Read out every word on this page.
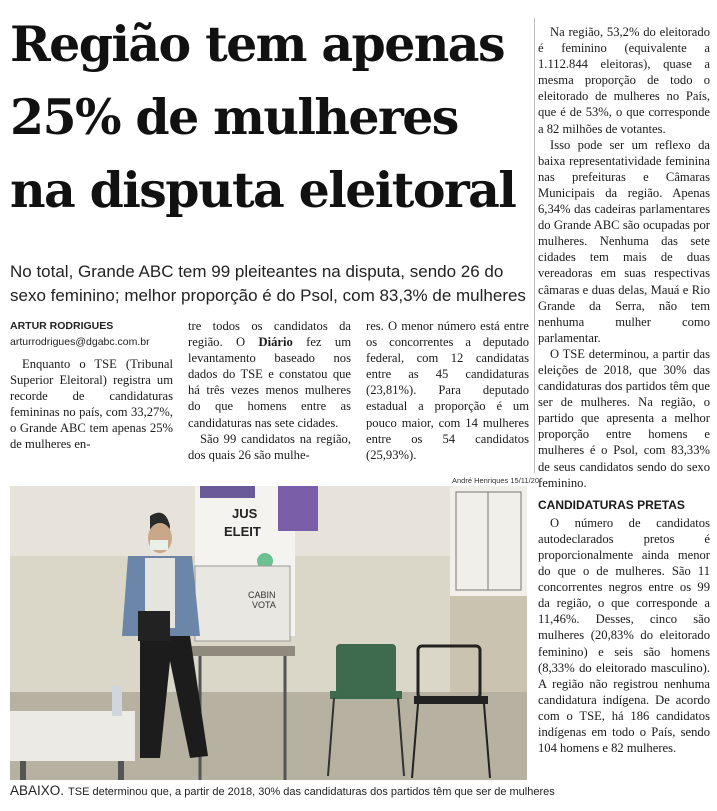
Região tem apenas
25% de mulheres
na disputa eleitoral

No total, Grande ABC tem 99 pleiteantes na disputa, sendo 26 do sexo feminino; melhor proporção é do Psol, com 83,3% de mulheres

ARTUR RODRIGUES
arturrodrigues@dgabc.com.br

Enquanto o TSE (Tribunal Superior Eleitoral) registra um recorde de candidaturas femininas no país, com 33,27%, o Grande ABC tem apenas 25% de mulheres en-

tre todos os candidatos da região. O Diário fez um levantamento baseado nos dados do TSE e constatou que há três vezes menos mulheres do que homens entre as candidaturas nas sete cidades.

São 99 candidatos na região, dos quais 26 são mulhe-

res. O menor número está entre os concorrentes a deputado federal, com 12 candidatas entre as 45 candidaturas (23,81%). Para deputado estadual a proporção é um pouco maior, com 14 mulheres entre os 54 candidatos (25,93%).

Na região, 53,2% do eleitorado é feminino (equivalente a 1.112.844 eleitoras), quase a mesma proporção de todo o eleitorado de mulheres no País, que é de 53%, o que corresponde a 82 milhões de votantes.

Isso pode ser um reflexo da baixa representatividade feminina nas prefeituras e Câmaras Municipais da região. Apenas 6,34% das cadeiras parlamentares do Grande ABC são ocupadas por mulheres. Nenhuma das sete cidades tem mais de duas vereadoras em suas respectivas câmaras e duas delas, Mauá e Rio Grande da Serra, não tem nenhuma mulher como parlamentar.

O TSE determinou, a partir das eleições de 2018, que 30% das candidaturas dos partidos têm que ser de mulheres. Na região, o partido que apresenta a melhor proporção entre homens e mulheres é o Psol, com 83,33% de seus candidatos sendo do sexo feminino.

CANDIDATURAS PRETAS

O número de candidatos autodeclarados pretos é proporcionalmente ainda menor do que o de mulheres. São 11 concorrentes negros entre os 99 da região, o que corresponde a 11,46%. Desses, cinco são mulheres (20,83% do eleitorado feminino) e seis são homens (8,33% do eleitorado masculino). A região não registrou nenhuma candidatura indígena. De acordo com o TSE, há 186 candidatos indígenas em todo o País, sendo 104 homens e 82 mulheres.

André Henriques 15/11/20
JUS
ELEIT
CABIN
VOTA
ABAIXO. TSE determinou que, a partir de 2018, 30% das candidaturas dos partidos têm que ser de mulheres
